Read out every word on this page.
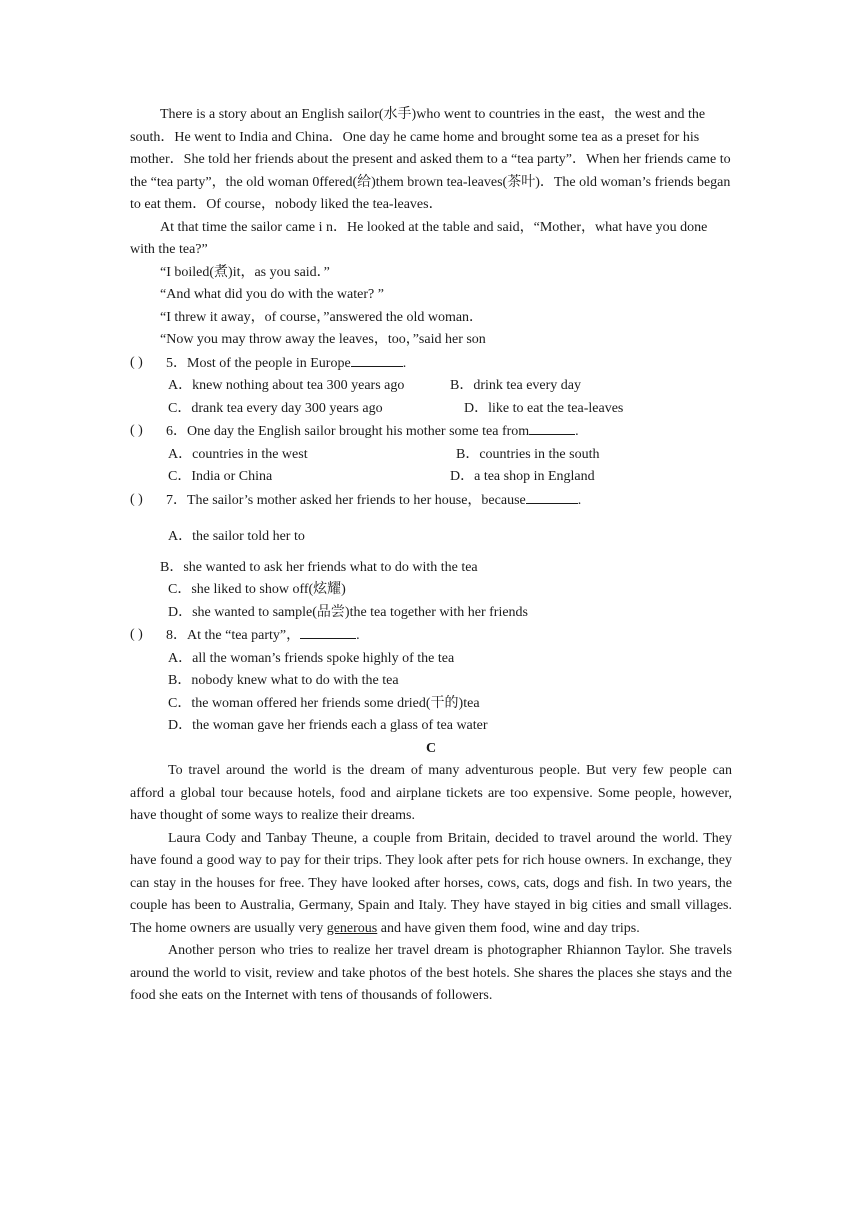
There is a story about an English sailor(水手)who went to countries in the east，the west and the south．He went to India and China．One day he came home and brought some tea as a preset for his mother．She told her friends about the present and asked them to a “tea party”．When her friends came to the “tea party”，the old woman 0ffered(给)them brown tea-leaves(茶叶)．The old woman’s friends began to eat them．Of course，nobody liked the tea-leaves．

At that time the sailor came i n．He looked at the table and said，“Mother，what have you done with the tea?”

“I boiled(煮)it，as you said．”

“And what did you do with the water? ”

“I threw it away，of course，”answered the old woman．

“Now you may throw away the leaves，too，”said her son

( )	5．Most of the people in Europe	.
A．knew nothing about tea 300 years ago	B．drink tea every day
C．drank tea every day 300 years ago	D．like to eat the tea-leaves
( )	6．One day the English sailor brought his mother some tea from	.
A．countries in the west	B．countries in the south
C．India or China	D．a tea shop in England
( )	7．The sailor’s mother asked her friends to her house，because	.

A．the sailor told her to

B．she wanted to ask her friends what to do with the tea

C．she liked to show off(炫耀)

D．she wanted to sample(品尝)the tea together with her friends

( )	8．At the “tea party”，	.

A．all the woman’s friends spoke highly of the tea

B．nobody knew what to do with the tea

C．the woman offered her friends some dried(干的)tea

D．the woman gave her friends each a glass of tea water

C

To travel around the world is the dream of many adventurous people. But very few people can afford a global tour because hotels, food and airplane tickets are too expensive. Some people, however, have thought of some ways to realize their dreams.

Laura Cody and Tanbay Theune, a couple from Britain, decided to travel around the world. They have found a good way to pay for their trips. They look after pets for rich house owners. In exchange, they can stay in the houses for free. They have looked after horses, cows, cats, dogs and fish. In two years, the couple has been to Australia, Germany, Spain and Italy. They have stayed in big cities and small villages. The home owners are usually very generous and have given them food, wine and day trips.

Another person who tries to realize her travel dream is photographer Rhiannon Taylor. She travels around the world to visit, review and take photos of the best hotels. She shares the places she stays and the food she eats on the Internet with tens of thousands of followers.
